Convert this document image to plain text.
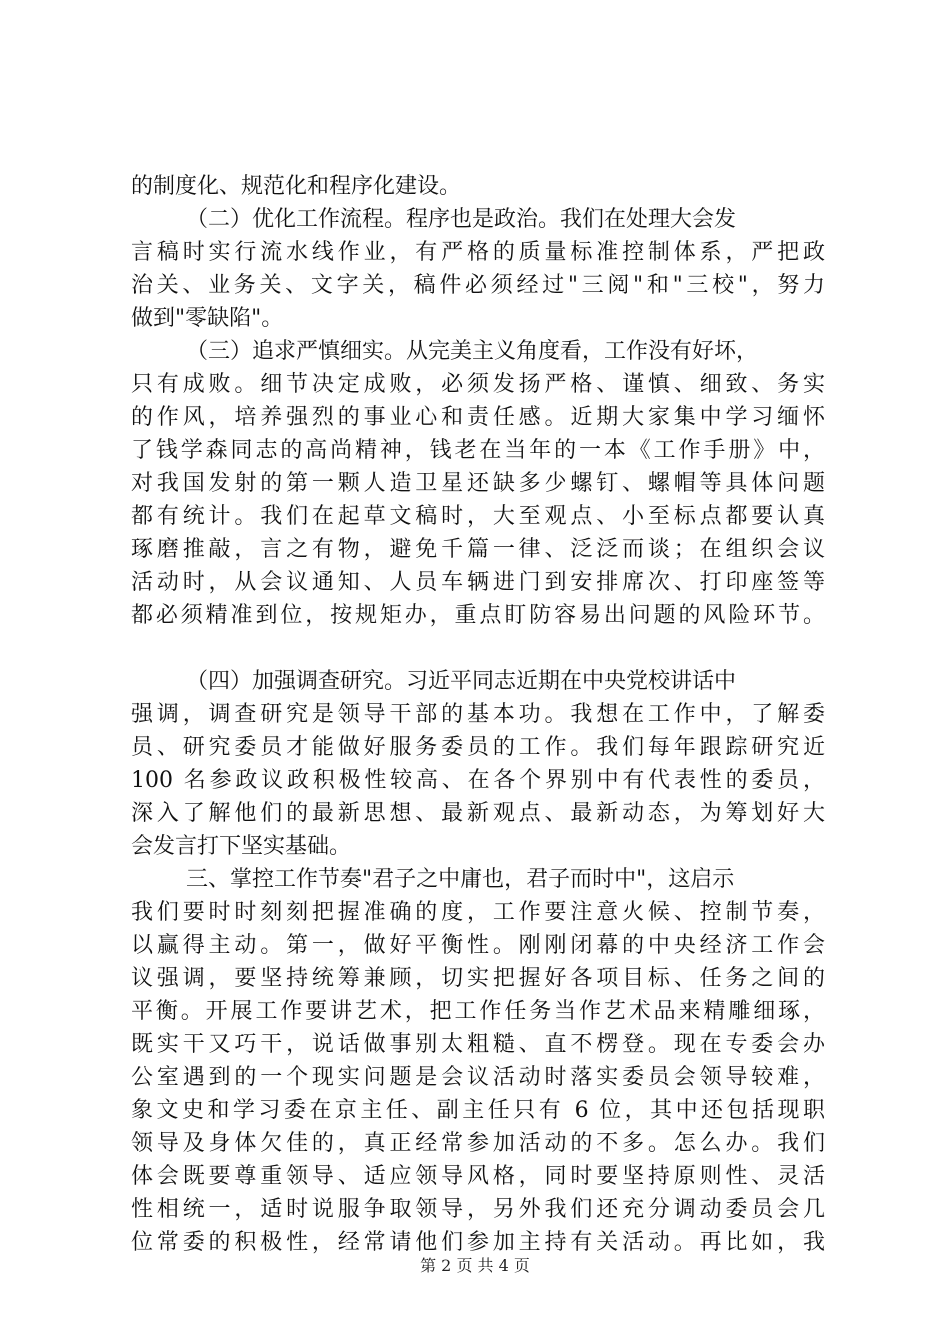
的制度化、规范化和程序化建设。
（二）优化工作流程。程序也是政治。我们在处理大会发
言稿时实行流水线作业，有严格的质量标准控制体系，严把政
治关、业务关、文字关，稿件必须经过"三阅"和"三校"，努力
做到"零缺陷"。
（三）追求严慎细实。从完美主义角度看，工作没有好坏，
只有成败。细节决定成败，必须发扬严格、谨慎、细致、务实
的作风，培养强烈的事业心和责任感。近期大家集中学习缅怀
了钱学森同志的高尚精神，钱老在当年的一本《工作手册》中，
对我国发射的第一颗人造卫星还缺多少螺钉、螺帽等具体问题
都有统计。我们在起草文稿时，大至观点、小至标点都要认真
琢磨推敲，言之有物，避免千篇一律、泛泛而谈；在组织会议
活动时，从会议通知、人员车辆进门到安排席次、打印座签等
都必须精准到位，按规矩办，重点盯防容易出问题的风险环节。
（四）加强调查研究。习近平同志近期在中央党校讲话中
强调，调查研究是领导干部的基本功。我想在工作中，了解委
员、研究委员才能做好服务委员的工作。我们每年跟踪研究近
100 名参政议政积极性较高、在各个界别中有代表性的委员，
深入了解他们的最新思想、最新观点、最新动态，为筹划好大
会发言打下坚实基础。
三、掌控工作节奏"君子之中庸也，君子而时中"，这启示
我们要时时刻刻把握准确的度，工作要注意火候、控制节奏，
以赢得主动。第一，做好平衡性。刚刚闭幕的中央经济工作会
议强调，要坚持统筹兼顾，切实把握好各项目标、任务之间的
平衡。开展工作要讲艺术，把工作任务当作艺术品来精雕细琢，
既实干又巧干，说话做事别太粗糙、直不楞登。现在专委会办
公室遇到的一个现实问题是会议活动时落实委员会领导较难，
象文史和学习委在京主任、副主任只有 6 位，其中还包括现职
领导及身体欠佳的，真正经常参加活动的不多。怎么办。我们
体会既要尊重领导、适应领导风格，同时要坚持原则性、灵活
性相统一，适时说服争取领导，另外我们还充分调动委员会几
位常委的积极性，经常请他们参加主持有关活动。再比如，我
第 2 页 共 4 页
